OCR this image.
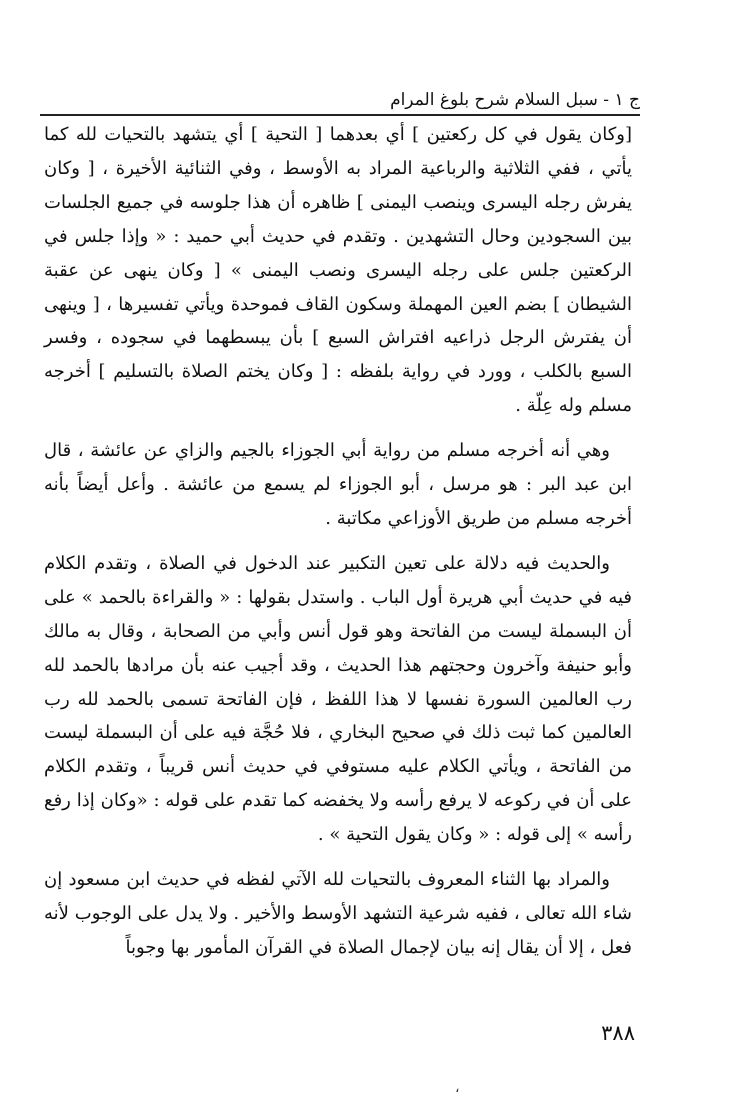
ج ١ - سبل السلام شرح بلوغ المرام

[وكان يقول في كل ركعتين ] أي بعدهما [ التحية ] أي يتشهد بالتحيات لله كما يأتي ، ففي الثلاثية والرباعية المراد به الأوسط ، وفي الثنائية الأخيرة ، [ وكان يفرش رجله اليسرى وينصب اليمنى ] ظاهره أن هذا جلوسه في جميع الجلسات بين السجودين وحال التشهدين . وتقدم في حديث أبي حميد : « وإذا جلس في الركعتين جلس على رجله اليسرى ونصب اليمنى » [ وكان ينهى عن عقبة الشيطان ] بضم العين المهملة وسكون القاف فموحدة ويأتي تفسيرها ، [ وينهى أن يفترش الرجل ذراعيه افتراش السبع ] بأن يبسطهما في سجوده ، وفسر السبع بالكلب ، وورد في رواية بلفظه : [ وكان يختم الصلاة بالتسليم ] أخرجه مسلم وله عِلّة .

وهي أنه أخرجه مسلم من رواية أبي الجوزاء بالجيم والزاي عن عائشة ، قال ابن عبد البر : هو مرسل ، أبو الجوزاء لم يسمع من عائشة . وأعل أيضاً بأنه أخرجه مسلم من طريق الأوزاعي مكاتبة .

والحديث فيه دلالة على تعين التكبير عند الدخول في الصلاة ، وتقدم الكلام فيه في حديث أبي هريرة أول الباب . واستدل بقولها : « والقراءة بالحمد » على أن البسملة ليست من الفاتحة وهو قول أنس وأبي من الصحابة ، وقال به مالك وأبو حنيفة وآخرون وحجتهم هذا الحديث ، وقد أجيب عنه بأن مرادها بالحمد لله رب العالمين السورة نفسها لا هذا اللفظ ، فإن الفاتحة تسمى بالحمد لله رب العالمين كما ثبت ذلك في صحيح البخاري ، فلا حُجَّة فيه على أن البسملة ليست من الفاتحة ، ويأتي الكلام عليه مستوفي في حديث أنس قريباً ، وتقدم الكلام على أن في ركوعه لا يرفع رأسه ولا يخفضه كما تقدم على قوله : «وكان إذا رفع رأسه » إلى قوله : « وكان يقول التحية » .

والمراد بها الثناء المعروف بالتحيات لله الآتي لفظه في حديث ابن مسعود إن شاء الله تعالى ، ففيه شرعية التشهد الأوسط والأخير . ولا يدل على الوجوب لأنه فعل ، إلا أن يقال إنه بيان لإجمال الصلاة في القرآن المأمور بها وجوباً

٣٨٨
،
